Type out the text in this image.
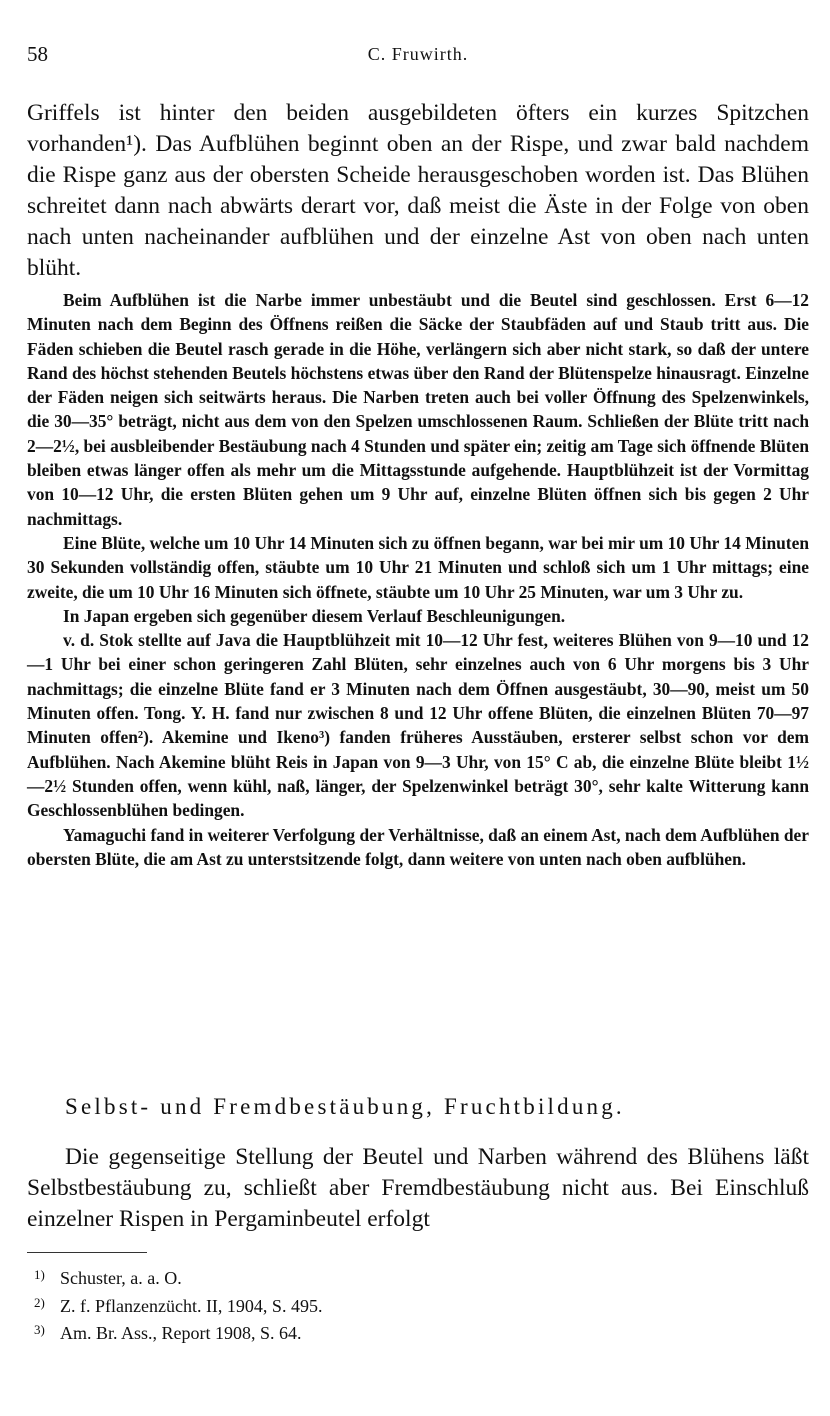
58	C. Fruwirth.

Griffels ist hinter den beiden ausgebildeten öfters ein kurzes Spitzchen vorhanden¹). Das Aufblühen beginnt oben an der Rispe, und zwar bald nachdem die Rispe ganz aus der obersten Scheide herausgeschoben worden ist. Das Blühen schreitet dann nach abwärts derart vor, daß meist die Äste in der Folge von oben nach unten nacheinander aufblühen und der einzelne Ast von oben nach unten blüht.

Beim Aufblühen ist die Narbe immer unbestäubt und die Beutel sind geschlossen. Erst 6—12 Minuten nach dem Beginn des Öffnens reißen die Säcke der Staubfäden auf und Staub tritt aus. Die Fäden schieben die Beutel rasch gerade in die Höhe, verlängern sich aber nicht stark, so daß der untere Rand des höchst stehenden Beutels höchstens etwas über den Rand der Blütenspelze hinausragt. Einzelne der Fäden neigen sich seitwärts heraus. Die Narben treten auch bei voller Öffnung des Spelzenwinkels, die 30—35° beträgt, nicht aus dem von den Spelzen umschlossenen Raum. Schließen der Blüte tritt nach 2—2½, bei ausbleibender Bestäubung nach 4 Stunden und später ein; zeitig am Tage sich öffnende Blüten bleiben etwas länger offen als mehr um die Mittagsstunde aufgehende. Hauptblühzeit ist der Vormittag von 10—12 Uhr, die ersten Blüten gehen um 9 Uhr auf, einzelne Blüten öffnen sich bis gegen 2 Uhr nachmittags.

Eine Blüte, welche um 10 Uhr 14 Minuten sich zu öffnen begann, war bei mir um 10 Uhr 14 Minuten 30 Sekunden vollständig offen, stäubte um 10 Uhr 21 Minuten und schloß sich um 1 Uhr mittags; eine zweite, die um 10 Uhr 16 Minuten sich öffnete, stäubte um 10 Uhr 25 Minuten, war um 3 Uhr zu.

In Japan ergeben sich gegenüber diesem Verlauf Beschleunigungen.

v. d. Stok stellte auf Java die Hauptblühzeit mit 10—12 Uhr fest, weiteres Blühen von 9—10 und 12—1 Uhr bei einer schon geringeren Zahl Blüten, sehr einzelnes auch von 6 Uhr morgens bis 3 Uhr nachmittags; die einzelne Blüte fand er 3 Minuten nach dem Öffnen ausgestäubt, 30—90, meist um 50 Minuten offen. Tong. Y. H. fand nur zwischen 8 und 12 Uhr offene Blüten, die einzelnen Blüten 70—97 Minuten offen²). Akemine und Ikeno³) fanden früheres Ausstäuben, ersterer selbst schon vor dem Aufblühen. Nach Akemine blüht Reis in Japan von 9—3 Uhr, von 15° C ab, die einzelne Blüte bleibt 1½—2½ Stunden offen, wenn kühl, naß, länger, der Spelzenwinkel beträgt 30°, sehr kalte Witterung kann Geschlossenblühen bedingen.

Yamaguchi fand in weiterer Verfolgung der Verhältnisse, daß an einem Ast, nach dem Aufblühen der obersten Blüte, die am Ast zu unterstsitzende folgt, dann weitere von unten nach oben aufblühen.

Selbst- und Fremdbestäubung, Fruchtbildung.

Die gegenseitige Stellung der Beutel und Narben während des Blühens läßt Selbstbestäubung zu, schließt aber Fremdbestäubung nicht aus. Bei Einschluß einzelner Rispen in Pergaminbeutel erfolgt

1) Schuster, a. a. O.
2) Z. f. Pflanzenzücht. II, 1904, S. 495.
3) Am. Br. Ass., Report 1908, S. 64.
